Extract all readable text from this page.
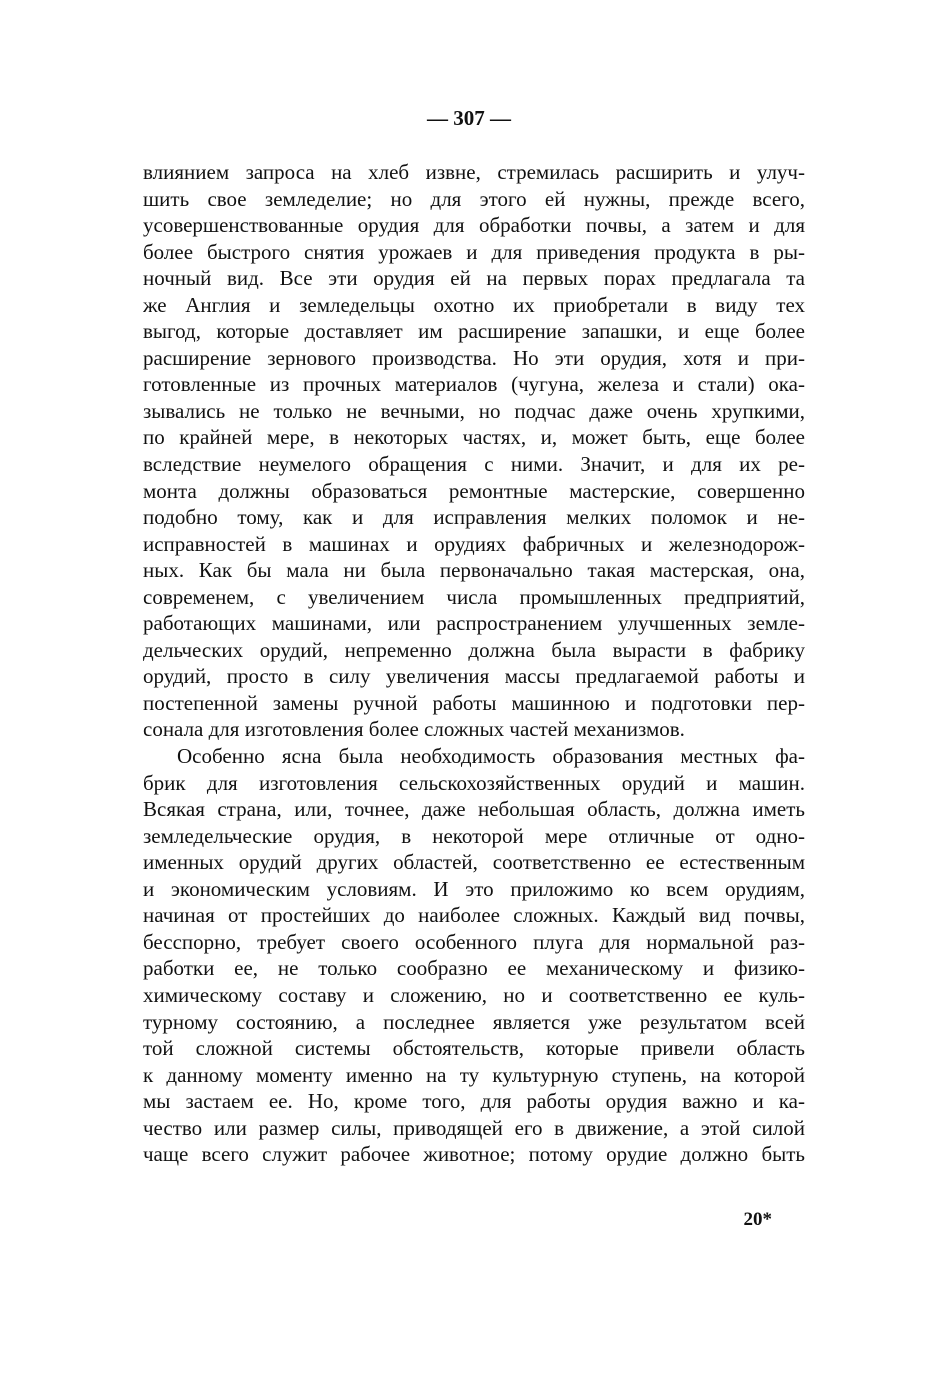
— 307 —
влиянием запроса на хлеб извне, стремилась расширить и улуч-
шить свое земледелие; но для этого ей нужны, прежде всего,
усовершенствованные орудия для обработки почвы, а затем и для
более быстрого снятия урожаев и для приведения продукта в ры-
ночный вид. Все эти орудия ей на первых порах предлагала та
же Англия и земледельцы охотно их приобретали в виду тех
выгод, которые доставляет им расширение запашки, и еще более
расширение зернового производства. Но эти орудия, хотя и при-
готовленные из прочных материалов (чугуна, железа и стали) ока-
зывались не только не вечными, но подчас даже очень хрупкими,
по крайней мере, в некоторых частях, и, может быть, еще более
вследствие неумелого обращения с ними. Значит, и для их ре-
монта должны образоваться ремонтные мастерские, совершенно
подобно тому, как и для исправления мелких поломок и не-
исправностей в машинах и орудиях фабричных и железнодорож-
ных. Как бы мала ни была первоначально такая мастерская, она,
современем, с увеличением числа промышленных предприятий,
работающих машинами, или распространением улучшенных земле-
дельческих орудий, непременно должна была вырасти в фабрику
орудий, просто в силу увеличения массы предлагаемой работы и
постепенной замены ручной работы машинною и подготовки пер-
сонала для изготовления более сложных частей механизмов.
Особенно ясна была необходимость образования местных фа-
брик для изготовления сельскохозяйственных орудий и машин.
Всякая страна, или, точнее, даже небольшая область, должна иметь
земледельческие орудия, в некоторой мере отличные от одно-
именных орудий других областей, соответственно ее естественным
и экономическим условиям. И это приложимо ко всем орудиям,
начиная от простейших до наиболее сложных. Каждый вид почвы,
бесспорно, требует своего особенного плуга для нормальной раз-
работки ее, не только сообразно ее механическому и физико-
химическому составу и сложению, но и соответственно ее куль-
турному состоянию, а последнее является уже результатом всей
той сложной системы обстоятельств, которые привели область
к данному моменту именно на ту культурную ступень, на которой
мы застаем ее. Но, кроме того, для работы орудия важно и ка-
чество или размер силы, приводящей его в движение, а этой силой
чаще всего служит рабочее животное; потому орудие должно быть
20*
